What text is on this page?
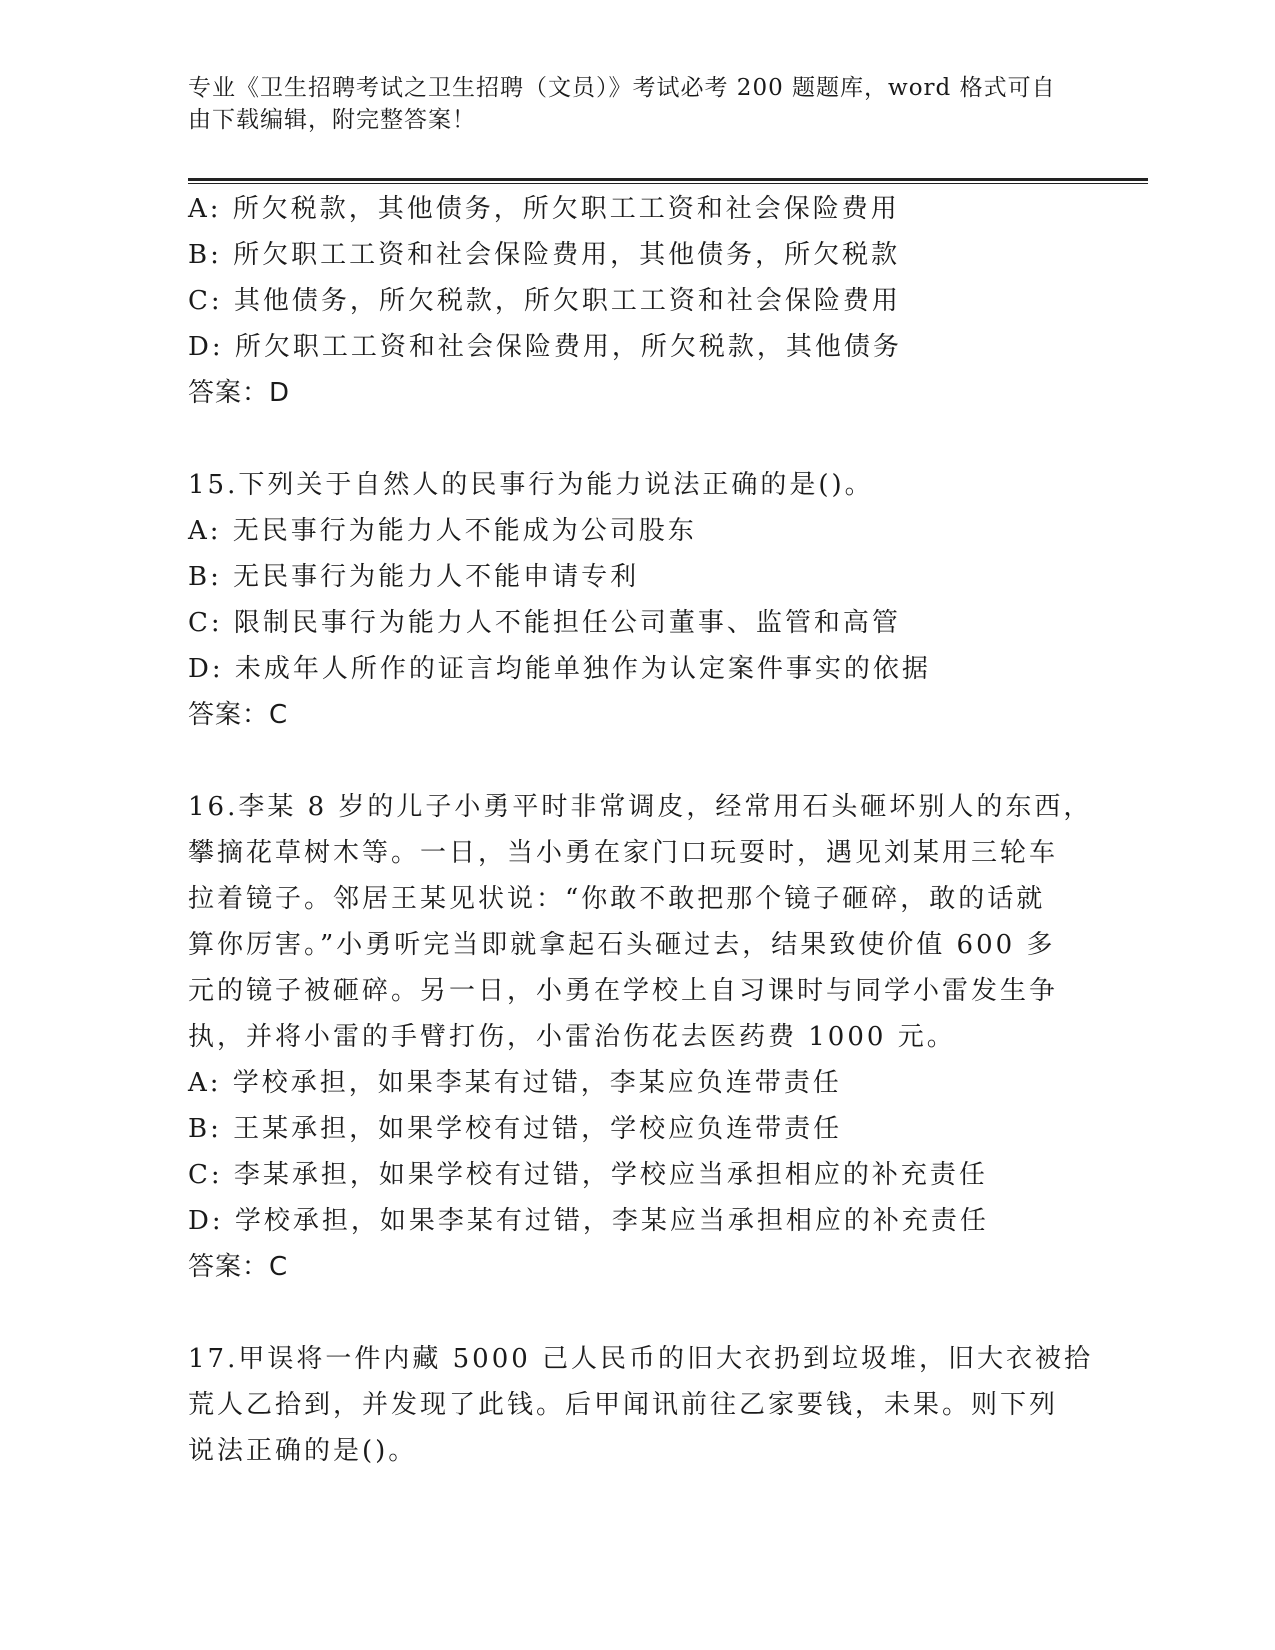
专业《卫生招聘考试之卫生招聘（文员）》考试必考 200 题题库，word 格式可自由下载编辑，附完整答案！
A: 所欠税款，其他债务，所欠职工工资和社会保险费用
B: 所欠职工工资和社会保险费用，其他债务，所欠税款
C: 其他债务，所欠税款，所欠职工工资和社会保险费用
D: 所欠职工工资和社会保险费用，所欠税款，其他债务
答案：D
15.下列关于自然人的民事行为能力说法正确的是()。
A: 无民事行为能力人不能成为公司股东
B: 无民事行为能力人不能申请专利
C: 限制民事行为能力人不能担任公司董事、监管和高管
D: 未成年人所作的证言均能单独作为认定案件事实的依据
答案：C
16.李某 8 岁的儿子小勇平时非常调皮，经常用石头砸坏别人的东西，
攀摘花草树木等。一日，当小勇在家门口玩耍时，遇见刘某用三轮车
拉着镜子。邻居王某见状说：“你敢不敢把那个镜子砸碎，敢的话就
算你厉害。”小勇听完当即就拿起石头砸过去，结果致使价值 600 多
元的镜子被砸碎。另一日，小勇在学校上自习课时与同学小雷发生争
执，并将小雷的手臂打伤，小雷治伤花去医药费 1000 元。
A: 学校承担，如果李某有过错，李某应负连带责任
B: 王某承担，如果学校有过错，学校应负连带责任
C: 李某承担，如果学校有过错，学校应当承担相应的补充责任
D: 学校承担，如果李某有过错，李某应当承担相应的补充责任
答案：C
17.甲误将一件内藏 5000 己人民币的旧大衣扔到垃圾堆，旧大衣被拾
荒人乙拾到，并发现了此钱。后甲闻讯前往乙家要钱，未果。则下列
说法正确的是()。
